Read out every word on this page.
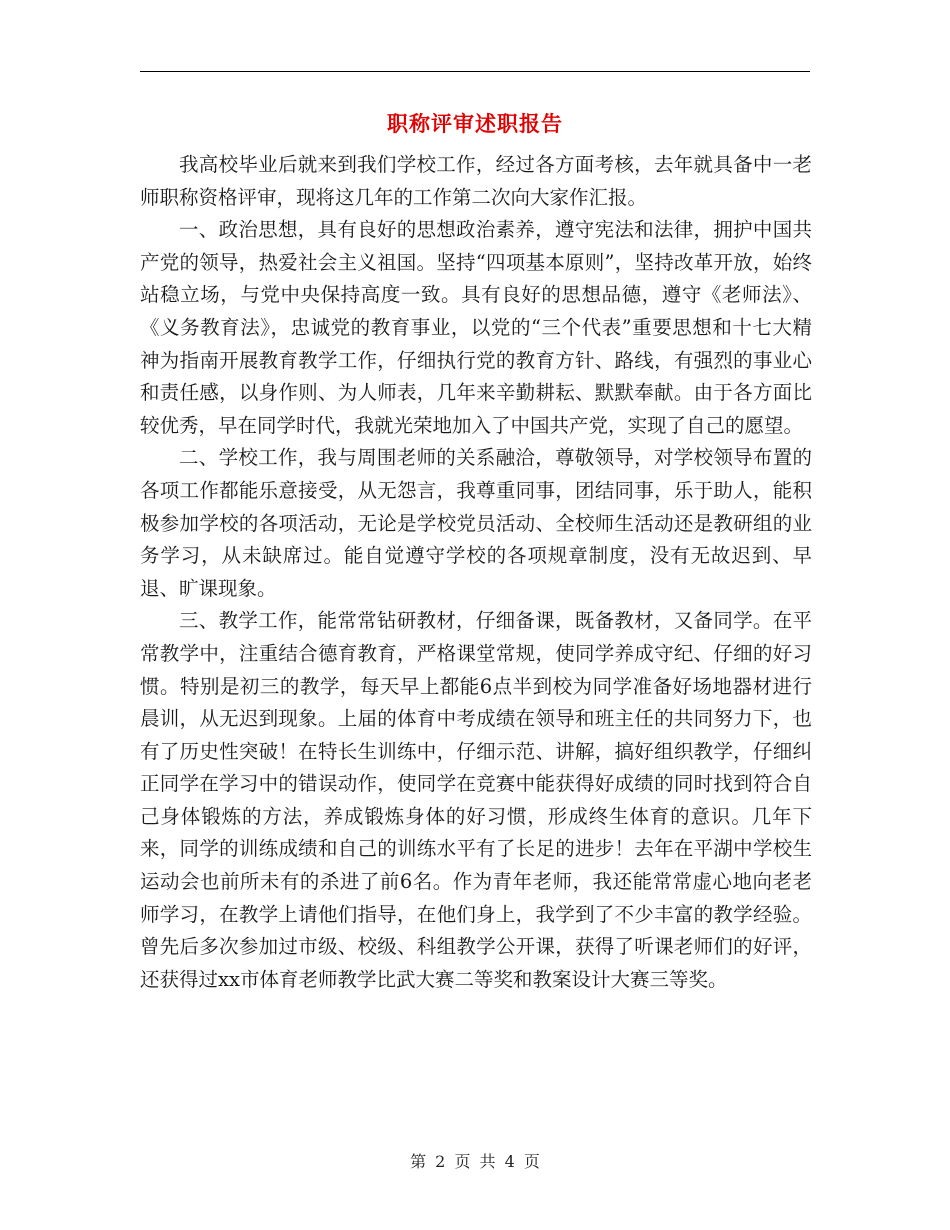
职称评审述职报告

我高校毕业后就来到我们学校工作，经过各方面考核，去年就具备中一老师职称资格评审，现将这几年的工作第二次向大家作汇报。

一、政治思想，具有良好的思想政治素养，遵守宪法和法律，拥护中国共产党的领导，热爱社会主义祖国。坚持“四项基本原则”，坚持改革开放，始终站稳立场，与党中央保持高度一致。具有良好的思想品德，遵守《老师法》、《义务教育法》，忠诚党的教育事业，以党的“三个代表”重要思想和十七大精神为指南开展教育教学工作，仔细执行党的教育方针、路线，有强烈的事业心和责任感，以身作则、为人师表，几年来辛勤耕耘、默默奉献。由于各方面比较优秀，早在同学时代，我就光荣地加入了中国共产党，实现了自己的愿望。

二、学校工作，我与周围老师的关系融洽，尊敬领导，对学校领导布置的各项工作都能乐意接受，从无怨言，我尊重同事，团结同事，乐于助人，能积极参加学校的各项活动，无论是学校党员活动、全校师生活动还是教研组的业务学习，从未缺席过。能自觉遵守学校的各项规章制度，没有无故迟到、早退、旷课现象。

三、教学工作，能常常钻研教材，仔细备课，既备教材，又备同学。在平常教学中，注重结合德育教育，严格课堂常规，使同学养成守纪、仔细的好习惯。特别是初三的教学，每天早上都能6点半到校为同学准备好场地器材进行晨训，从无迟到现象。上届的体育中考成绩在领导和班主任的共同努力下，也有了历史性突破！在特长生训练中，仔细示范、讲解，搞好组织教学，仔细纠正同学在学习中的错误动作，使同学在竞赛中能获得好成绩的同时找到符合自己身体锻炼的方法，养成锻炼身体的好习惯，形成终生体育的意识。几年下来，同学的训练成绩和自己的训练水平有了长足的进步！去年在平湖中学校生运动会也前所未有的杀进了前6名。作为青年老师，我还能常常虚心地向老老师学习，在教学上请他们指导，在他们身上，我学到了不少丰富的教学经验。曾先后多次参加过市级、校级、科组教学公开课，获得了听课老师们的好评，还获得过xx市体育老师教学比武大赛二等奖和教案设计大赛三等奖。

第 2 页 共 4 页
